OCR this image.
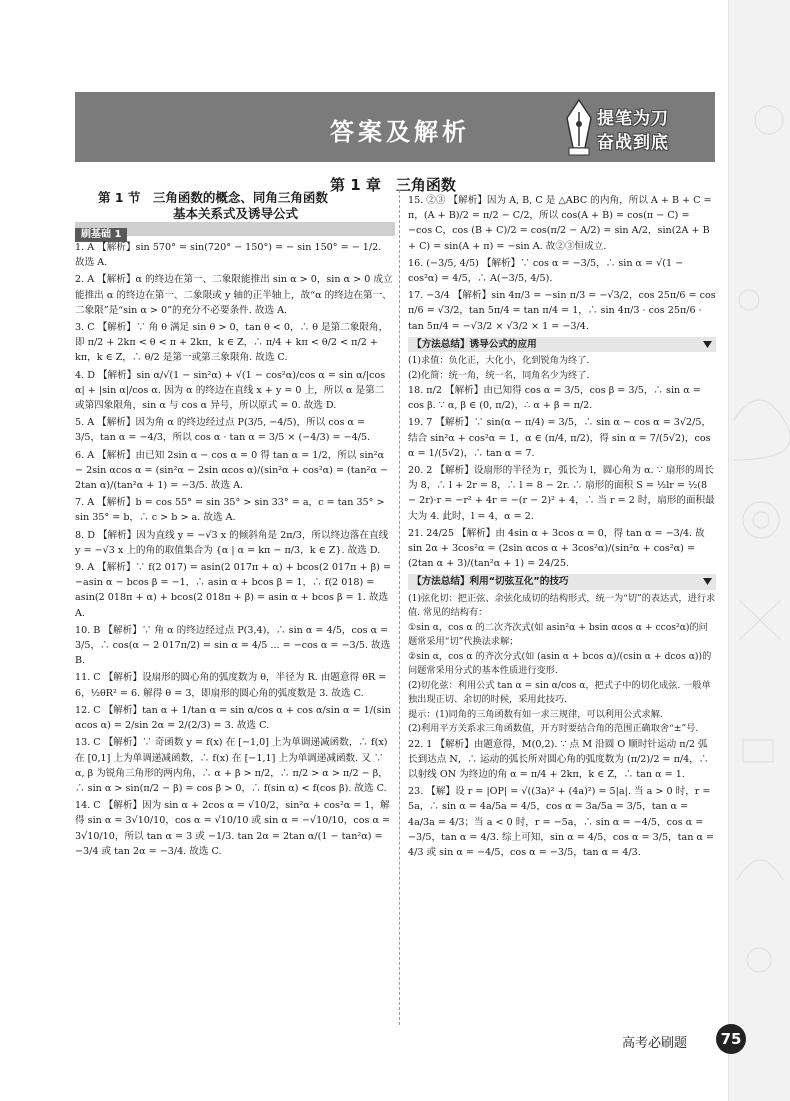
答案及解析	提笔为刀
奋战到底
第 1 章　三角函数
第 1 节　三角函数的概念、同角三角函数
基本关系式及诱导公式
刷基础 1
1. A 【解析】sin 570° = sin(720° − 150°) = − sin 150° = − 1/2. 故选 A.
2. A 【解析】α 的终边在第一、二象限能推出 sin α > 0，sin α > 0 成立能推出 α 的终边在第一、二象限或 y 轴的正半轴上，故“α 的终边在第一、二象限”是“sin α > 0”的充分不必要条件. 故选 A.
3. C 【解析】∵ 角 θ 满足 sin θ > 0，tan θ < 0，∴ θ 是第二象限角，即 π/2 + 2kπ < θ < π + 2kπ，k ∈ Z，∴ π/4 + kπ < θ/2 < π/2 + kπ，k ∈ Z，∴ θ/2 是第一或第三象限角. 故选 C.
4. D 【解析】sin α/√(1 − sin²α) + √(1 − cos²α)/cos α = sin α/|cos α| + |sin α|/cos α. 因为 α 的终边在直线 x + y = 0 上，所以 α 是第二或第四象限角，sin α 与 cos α 异号，所以原式 = 0. 故选 D.
5. A 【解析】因为角 α 的终边经过点 P(3/5, −4/5)，所以 cos α = 3/5，tan α = −4/3，所以 cos α · tan α = 3/5 × (−4/3) = −4/5.
6. A 【解析】由已知 2sin α − cos α = 0 得 tan α = 1/2，所以 sin²α − 2sin αcos α = (sin²α − 2sin αcos α)/(sin²α + cos²α) = (tan²α − 2tan α)/(tan²α + 1) = −3/5. 故选 A.
7. A 【解析】b = cos 55° = sin 35° > sin 33° = a，c = tan 35° > sin 35° = b，∴ c > b > a. 故选 A.
8. D 【解析】因为直线 y = −√3 x 的倾斜角是 2π/3，所以终边落在直线 y = −√3 x 上的角的取值集合为 {α | α = kπ − π/3，k ∈ Z}. 故选 D.
9. A 【解析】∵ f(2 017) = asin(2 017π + α) + bcos(2 017π + β) = −asin α − bcos β = −1，∴ asin α + bcos β = 1，∴ f(2 018) = asin(2 018π + α) + bcos(2 018π + β) = asin α + bcos β = 1. 故选 A.
10. B 【解析】∵ 角 α 的终边经过点 P(3,4)，∴ sin α = 4/5，cos α = 3/5，∴ cos(α − 2 017π/2) = sin α = 4/5 ... = −cos α = −3/5. 故选 B.
11. C 【解析】设扇形的圆心角的弧度数为 θ，半径为 R. 由题意得 θR = 6，½θR² = 6. 解得 θ = 3，即扇形的圆心角的弧度数是 3. 故选 C.
12. C 【解析】tan α + 1/tan α = sin α/cos α + cos α/sin α = 1/(sin αcos α) = 2/sin 2α = 2/(2/3) = 3. 故选 C.
13. C 【解析】∵ 奇函数 y = f(x) 在 [−1,0] 上为单调递减函数，∴ f(x) 在 [0,1] 上为单调递减函数，∴ f(x) 在 [−1,1] 上为单调递减函数. 又 ∵ α, β 为锐角三角形的两内角，∴ α + β > π/2，∴ π/2 > α > π/2 − β，∴ sin α > sin(π/2 − β) = cos β > 0，∴ f(sin α) < f(cos β). 故选 C.
14. C 【解析】因为 sin α + 2cos α = √10/2，sin²α + cos²α = 1，解得 sin α = 3√10/10，cos α = √10/10 或 sin α = −√10/10，cos α = 3√10/10，所以 tan α = 3 或 −1/3. tan 2α = 2tan α/(1 − tan²α) = −3/4 或 tan 2α = −3/4. 故选 C.
15. ②③ 【解析】因为 A, B, C 是 △ABC 的内角，所以 A + B + C = π，(A + B)/2 = π/2 − C/2，所以 cos(A + B) = cos(π − C) = −cos C，cos (B + C)/2 = cos(π/2 − A/2) = sin A/2，sin(2A + B + C) = sin(A + π) = −sin A. 故②③恒成立.
16. (−3/5, 4/5) 【解析】∵ cos α = −3/5，∴ sin α = √(1 − cos²α) = 4/5，∴ A(−3/5, 4/5).
17. −3/4 【解析】sin 4π/3 = −sin π/3 = −√3/2，cos 25π/6 = cos π/6 = √3/2，tan 5π/4 = tan π/4 = 1，∴ sin 4π/3 · cos 25π/6 · tan 5π/4 = −√3/2 × √3/2 × 1 = −3/4.
【方法总结】诱导公式的应用
(1)求值：负化正，大化小，化到锐角为终了.
(2)化简：统一角，统一名，同角名少为终了.
18. π/2 【解析】由已知得 cos α = 3/5，cos β = 3/5，∴ sin α = cos β. ∵ α, β ∈ (0, π/2)，∴ α + β = π/2.
19. 7 【解析】∵ sin(α − π/4) = 3/5，∴ sin α − cos α = 3√2/5，结合 sin²α + cos²α = 1，α ∈ (π/4, π/2)，得 sin α = 7/(5√2)，cos α = 1/(5√2)，∴ tan α = 7.
20. 2 【解析】设扇形的半径为 r，弧长为 l，圆心角为 α. ∵ 扇形的周长为 8，∴ l + 2r = 8，∴ l = 8 − 2r. ∴ 扇形的面积 S = ½lr = ½(8 − 2r)·r = −r² + 4r = −(r − 2)² + 4，∴ 当 r = 2 时，扇形的面积最大为 4. 此时，l = 4，α = 2.
21. 24/25 【解析】由 4sin α + 3cos α = 0，得 tan α = −3/4. 故 sin 2α + 3cos²α = (2sin αcos α + 3cos²α)/(sin²α + cos²α) = (2tan α + 3)/(tan²α + 1) = 24/25.
【方法总结】利用“切弦互化”的技巧
(1)弦化切：把正弦、余弦化成切的结构形式，统一为“切”的表达式，进行求值. 常见的结构有：
①sin α，cos α 的二次齐次式(如 asin²α + bsin αcos α + ccos²α)的问题常采用“切”代换法求解；
②sin α，cos α 的齐次分式(如 (asin α + bcos α)/(csin α + dcos α))的问题常采用分式的基本性质进行变形.
(2)切化弦：利用公式 tan α = sin α/cos α，把式子中的切化成弦. 一般单独出现正切、余切的时候，采用此技巧.
提示：(1)同角的三角函数有如一求三规律，可以利用公式求解.
(2)利用平方关系求三角函数值，开方时要结合角的范围正确取舍“±”号.
22. 1 【解析】由题意得，M(0,2). ∵ 点 M 沿圆 O 顺时针运动 π/2 弧长到达点 N，∴ 运动的弧长所对圆心角的弧度数为 (π/2)/2 = π/4，∴ 以射线 ON 为终边的角 α = π/4 + 2kπ，k ∈ Z，∴ tan α = 1.
23. 【解】设 r = |OP| = √((3a)² + (4a)²) = 5|a|. 当 a > 0 时，r = 5a，∴ sin α = 4a/5a = 4/5，cos α = 3a/5a = 3/5，tan α = 4a/3a = 4/3；当 a < 0 时，r = −5a，∴ sin α = −4/5，cos α = −3/5，tan α = 4/3. 综上可知，sin α = 4/5，cos α = 3/5，tan α = 4/3 或 sin α = −4/5，cos α = −3/5，tan α = 4/3.
高考必刷题	75
